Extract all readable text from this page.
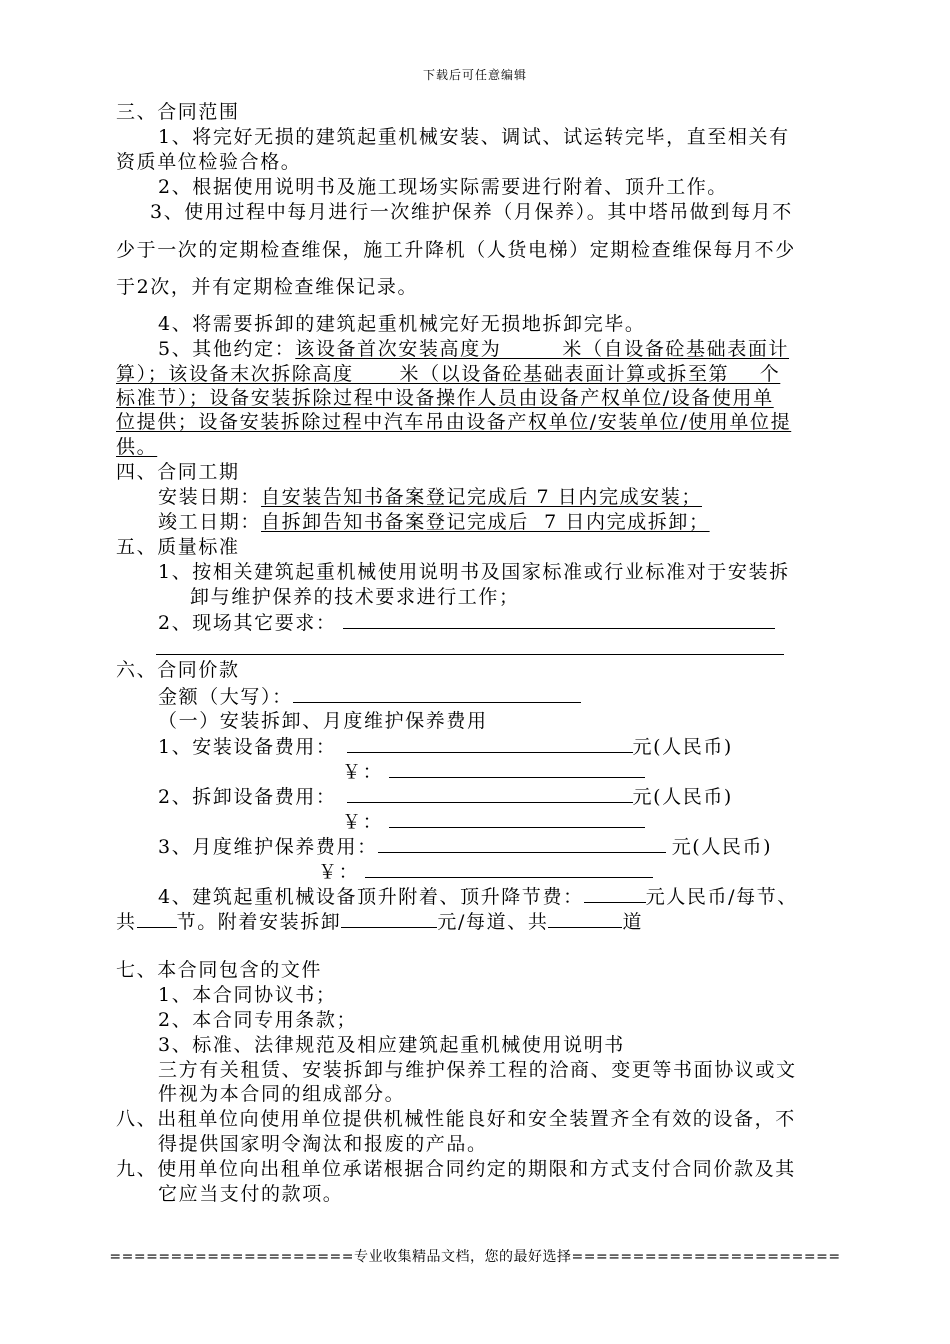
下载后可任意编辑
三、合同范围
1、将完好无损的建筑起重机械安装、调试、试运转完毕，直至相关有
资质单位检验合格。
2、根据使用说明书及施工现场实际需要进行附着、顶升工作。
3、使用过程中每月进行一次维护保养（月保养）。其中塔吊做到每月不
少于一次的定期检查维保，施工升降机（人货电梯）定期检查维保每月不少
于2次，并有定期检查维保记录。
4、将需要拆卸的建筑起重机械完好无损地拆卸完毕。
5、其他约定：该设备首次安装高度为        米（自设备砼基础表面计
算）；该设备末次拆除高度      米（以设备砼基础表面计算或拆至第    个
标准节）；设备安装拆除过程中设备操作人员由设备产权单位/设备使用单
位提供；设备安装拆除过程中汽车吊由设备产权单位/安装单位/使用单位提
供。
四、合同工期
安装日期：自安装告知书备案登记完成后 7 日内完成安装；
竣工日期：自拆卸告知书备案登记完成后  7 日内完成拆卸；
五、质量标准
1、按相关建筑起重机械使用说明书及国家标准或行业标准对于安装拆
卸与维护保养的技术要求进行工作；
2、现场其它要求：
六、合同价款
金额（大写）：
（一）安装拆卸、月度维护保养费用
1、安装设备费用：	元(人民币)
￥：
2、拆卸设备费用：	元(人民币)
￥：
3、月度维护保养费用：	元(人民币)
￥：
4、建筑起重机械设备顶升附着、顶升降节费：	元人民币/每节、
共 节。附着安装拆卸	元/每道、共	道
七、本合同包含的文件
1、本合同协议书；
2、本合同专用条款；
3、标准、法律规范及相应建筑起重机械使用说明书
三方有关租赁、安装拆卸与维护保养工程的洽商、变更等书面协议或文
件视为本合同的组成部分。
八、出租单位向使用单位提供机械性能良好和安全装置齐全有效的设备，不
得提供国家明令淘汰和报废的产品。
九、使用单位向出租单位承诺根据合同约定的期限和方式支付合同价款及其
它应当支付的款项。
====================专业收集精品文档，您的最好选择======================
